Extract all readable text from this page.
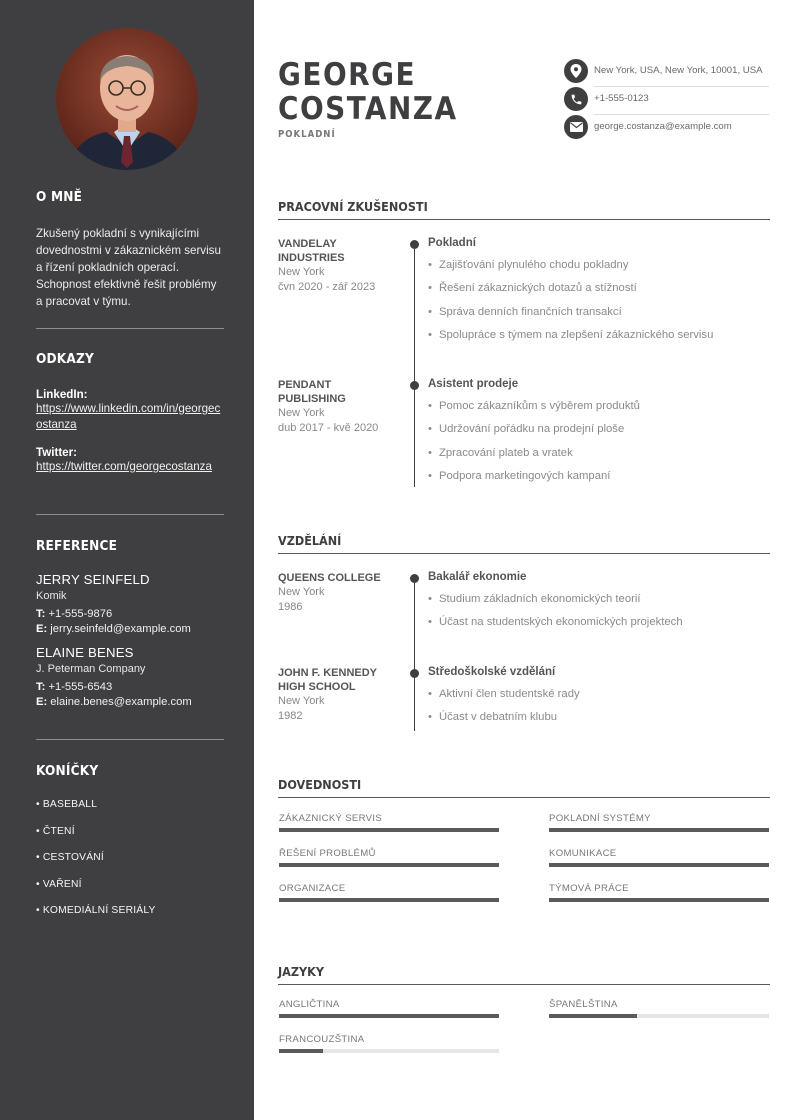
O MNĚ
Zkušený pokladní s vynikajícími dovednostmi v zákaznickém servisu a řízení pokladních operací. Schopnost efektivně řešit problémy a pracovat v týmu.
ODKAZY
LinkedIn:
https://www.linkedin.com/in/georgecostanza
Twitter:
https://twitter.com/georgecostanza
REFERENCE
JERRY SEINFELD
Komik
T: +1-555-9876
E: jerry.seinfeld@example.com
ELAINE BENES
J. Peterman Company
T: +1-555-6543
E: elaine.benes@example.com
KONÍČKY
• BASEBALL
• ČTENÍ
• CESTOVÁNÍ
• VAŘENÍ
• KOMEDIÁLNÍ SERIÁLY
GEORGE
COSTANZA
POKLADNÍ
New York, USA, New York, 10001, USA
+1-555-0123
george.costanza@example.com
PRACOVNÍ ZKUŠENOSTI
VANDELAY INDUSTRIES
New York
čvn 2020 - zář 2023
Pokladní
• Zajišťování plynulého chodu pokladny
• Řešení zákaznických dotazů a stížností
• Správa denních finančních transakcí
• Spolupráce s týmem na zlepšení zákaznického servisu
PENDANT PUBLISHING
New York
dub 2017 - kvě 2020
Asistent prodeje
• Pomoc zákazníkům s výběrem produktů
• Udržování pořádku na prodejní ploše
• Zpracování plateb a vratek
• Podpora marketingových kampaní
VZDĚLÁNÍ
QUEENS COLLEGE
New York
1986
Bakalář ekonomie
• Studium základních ekonomických teorií
• Účast na studentských ekonomických projektech
JOHN F. KENNEDY HIGH SCHOOL
New York
1982
Středoškolské vzdělání
• Aktivní člen studentské rady
• Účast v debatním klubu
DOVEDNOSTI
ZÁKAZNICKÝ SERVIS	POKLADNÍ SYSTÉMY
ŘEŠENÍ PROBLÉMŮ	KOMUNIKACE
ORGANIZACE	TÝMOVÁ PRÁCE
JAZYKY
ANGLIČTINA	ŠPANĚLŠTINA
FRANCOUZŠTINA
